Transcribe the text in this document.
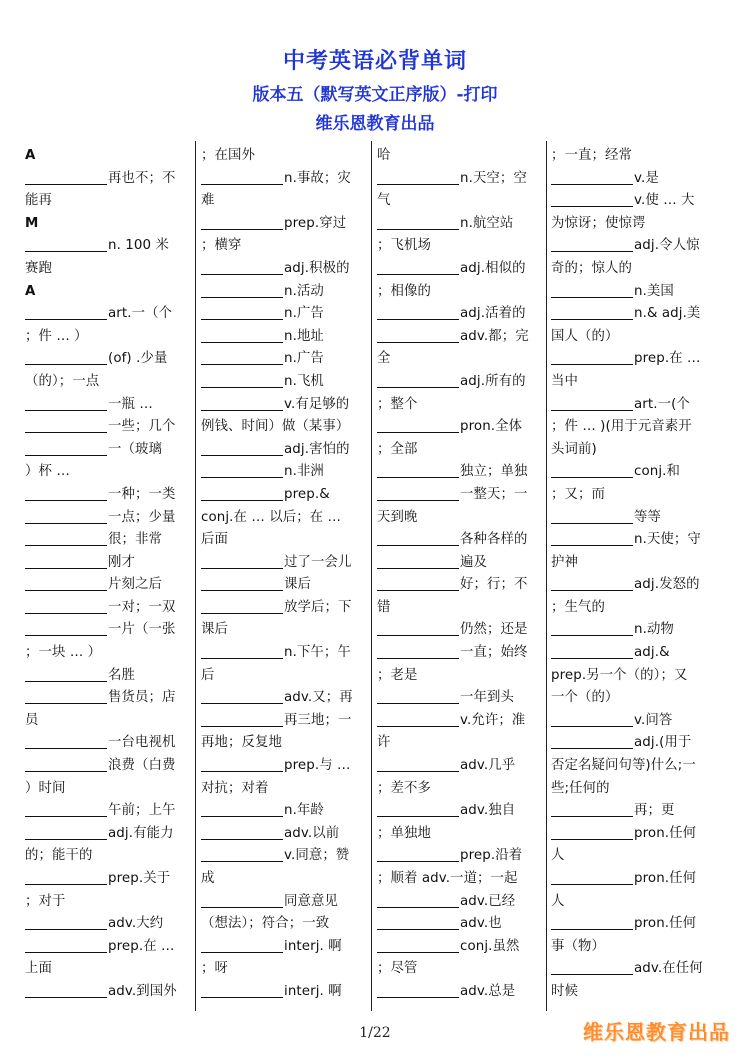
中考英语必背单词
版本五（默写英文正序版）-打印
维乐恩教育出品
A
再也不；不
能再
M
n. 100 米
赛跑
A
art.一（个
；件 … ）
(of) .少量
（的）；一点
一瓶 …
一些；几个
一（玻璃
）杯 …
一种；一类
一点；少量
很；非常
刚才
片刻之后
一对；一双
一片（一张
；一块 … ）
名胜
售货员；店
员
一台电视机
浪费（白费
）时间
午前；上午
adj.有能力
的；能干的
prep.关于
；对于
adv.大约
prep.在 …
上面
adv.到国外
；在国外
n.事故；灾
难
prep.穿过
；横穿
adj.积极的
n.活动
n.广告
n.地址
n.广告
n.飞机
v.有足够的
例钱、时间）做（某事）
adj.害怕的
n.非洲
prep.&
conj.在 … 以后；在 …
后面
过了一会儿
课后
放学后；下
课后
n.下午；午
后
adv.又；再
再三地；一
再地；反复地
prep.与 …
对抗；对着
n.年龄
adv.以前
v.同意；赞
成
同意意见
（想法）；符合；一致
interj. 啊
；呀
interj. 啊
哈
n.天空；空
气
n.航空站
；飞机场
adj.相似的
；相像的
adj.活着的
adv.都；完
全
adj.所有的
；整个
pron.全体
；全部
独立；单独
一整天；一
天到晚
各种各样的
遍及
好；行；不
错
仍然；还是
一直；始终
；老是
一年到头
v.允许；准
许
adv.几乎
；差不多
adv.独自
；单独地
prep.沿着
；顺着 adv.一道；一起
adv.已经
adv.也
conj.虽然
；尽管
adv.总是
；一直；经常
v.是
v.使 … 大
为惊讶；使惊谔
adj.令人惊
奇的；惊人的
n.美国
n.& adj.美
国人（的）
prep.在 …
当中
art.一(个
；件 … )(用于元音素开
头词前)
conj.和
；又；而
等等
n.天使；守
护神
adj.发怒的
；生气的
n.动物
adj.&
prep.另一个（的）；又
一个（的）
v.问答
adj.(用于
否定名疑问句等)什么;一
些;任何的
再；更
pron.任何
人
pron.任何
人
pron.任何
事（物）
adv.在任何
时候
1/22	维乐恩教育出品
